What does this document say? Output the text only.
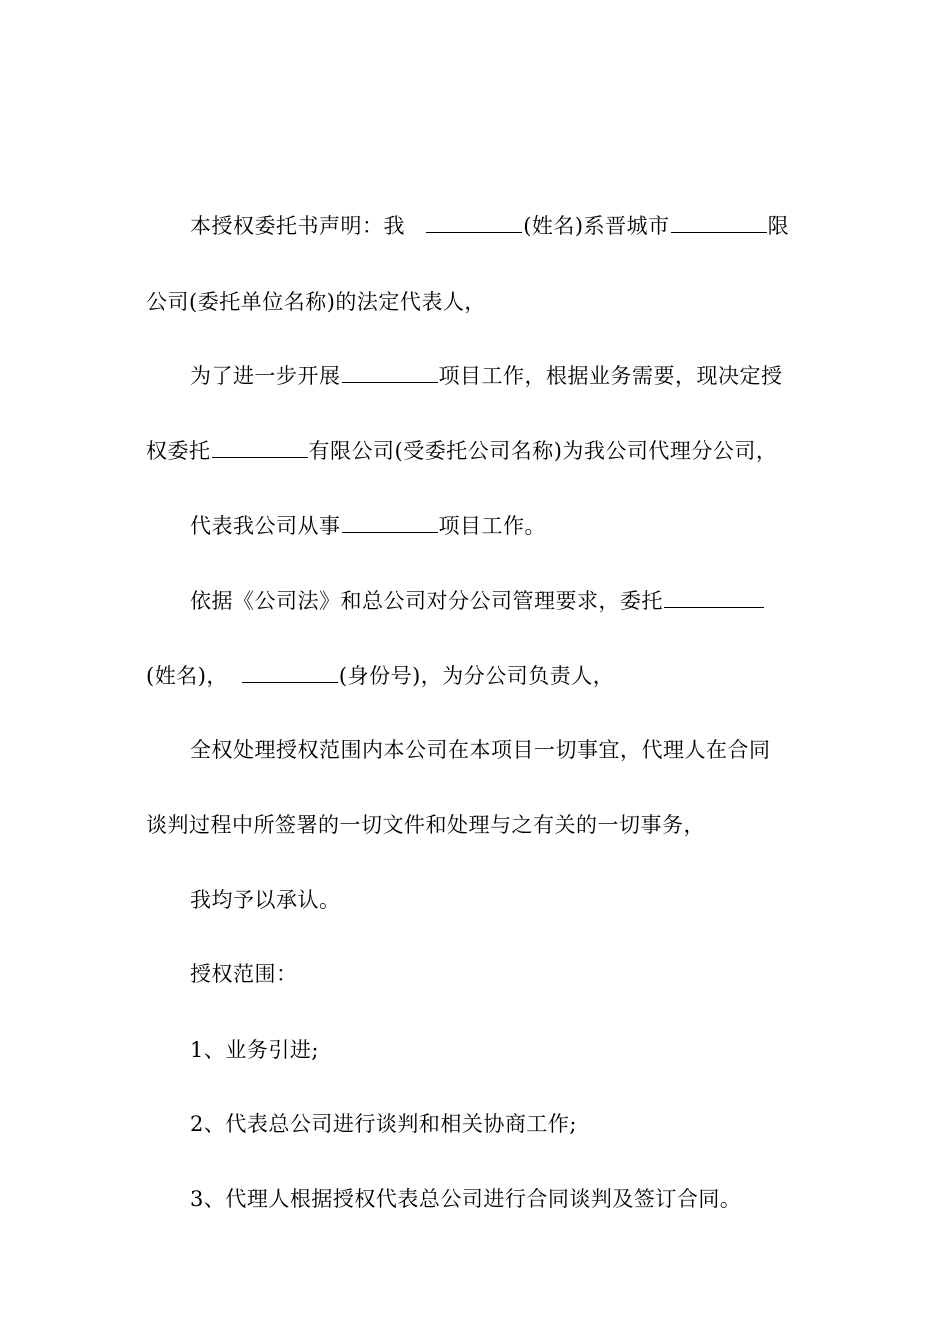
本授权委托书声明：我	(姓名)系晋城市	限
公司(委托单位名称)的法定代表人，
为了进一步开展	项目工作，根据业务需要，现决定授
权委托	有限公司(受委托公司名称)为我公司代理分公司，
代表我公司从事	项目工作。
依据《公司法》和总公司对分公司管理要求，委托
(姓名)，	(身份号)，为分公司负责人，
全权处理授权范围内本公司在本项目一切事宜，代理人在合同
谈判过程中所签署的一切文件和处理与之有关的一切事务，
我均予以承认。
授权范围：
1、业务引进;
2、代表总公司进行谈判和相关协商工作;
3、代理人根据授权代表总公司进行合同谈判及签订合同。
